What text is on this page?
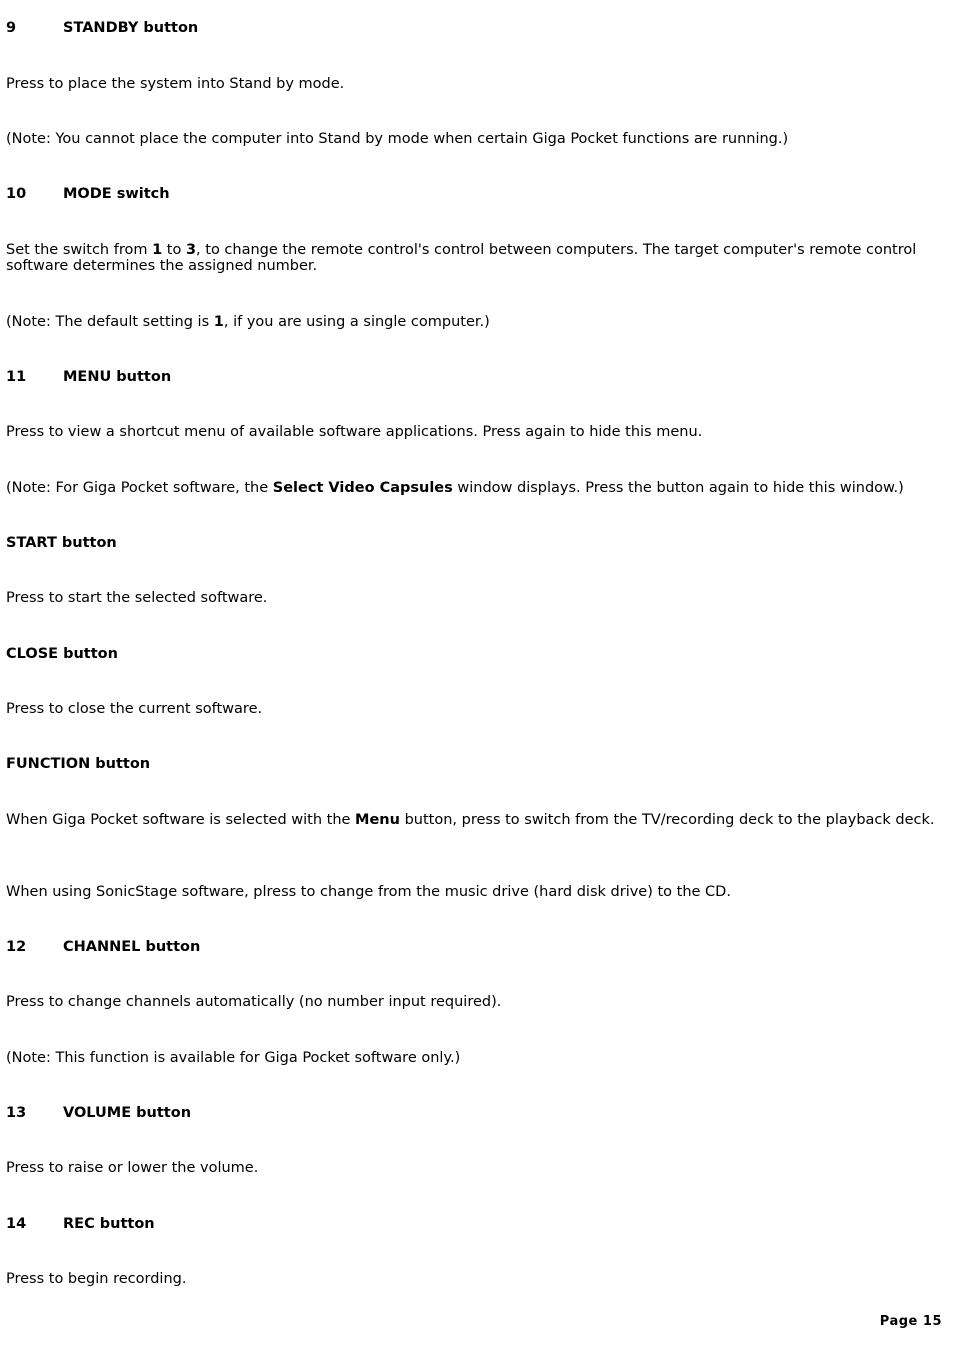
9	STANDBY button
Press to place the system into Stand by mode.
(Note: You cannot place the computer into Stand by mode when certain Giga Pocket functions are running.)
10	MODE switch
Set the switch from 1 to 3, to change the remote control's control between computers. The target computer's remote control software determines the assigned number.
(Note: The default setting is 1, if you are using a single computer.)
11	MENU button
Press to view a shortcut menu of available software applications. Press again to hide this menu.
(Note: For Giga Pocket software, the Select Video Capsules window displays. Press the button again to hide this window.)
START button
Press to start the selected software.
CLOSE button
Press to close the current software.
FUNCTION button
When Giga Pocket software is selected with the Menu button, press to switch from the TV/recording deck to the playback deck.
When using SonicStage software, plress to change from the music drive (hard disk drive) to the CD.
12	CHANNEL button
Press to change channels automatically (no number input required).
(Note: This function is available for Giga Pocket software only.)
13	VOLUME button
Press to raise or lower the volume.
14	REC button
Press to begin recording.
Page 15
